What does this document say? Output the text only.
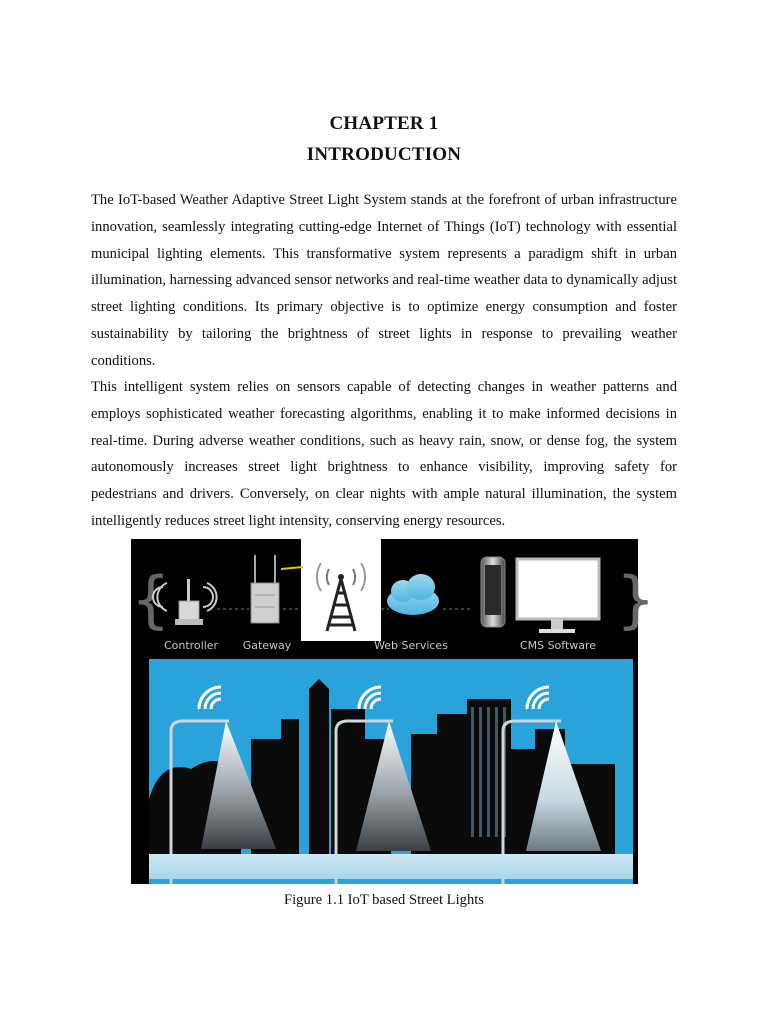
CHAPTER 1
INTRODUCTION

The IoT-based Weather Adaptive Street Light System stands at the forefront of urban infrastructure innovation, seamlessly integrating cutting-edge Internet of Things (IoT) technology with essential municipal lighting elements. This transformative system represents a paradigm shift in urban illumination, harnessing advanced sensor networks and real-time weather data to dynamically adjust street lighting conditions. Its primary objective is to optimize energy consumption and foster sustainability by tailoring the brightness of street lights in response to prevailing weather conditions.

This intelligent system relies on sensors capable of detecting changes in weather patterns and employs sophisticated weather forecasting algorithms, enabling it to make informed decisions in real-time. During adverse weather conditions, such as heavy rain, snow, or dense fog, the system autonomously increases street light brightness to enhance visibility, improving safety for pedestrians and drivers. Conversely, on clear nights with ample natural illumination, the system intelligently reduces street light intensity, conserving energy resources.

{	}
Controller Gateway	Web Services	CMS Software
Figure 1.1 IoT based Street Lights
